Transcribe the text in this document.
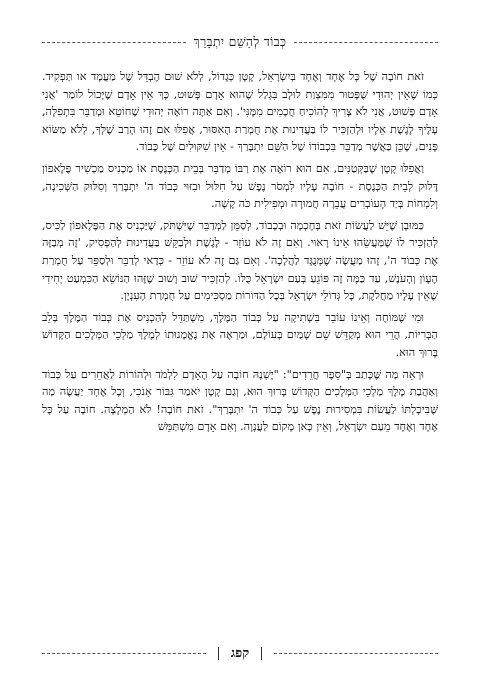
כְּבוֹד לְהַשֵּׁם יִתְבָּרַךְ

זֹאת חוֹבָה שֶׁל כָּל אֶחָד וְאֶחָד בְּיִשְׂרָאֵל, קָטָן כְּגָדוֹל, לְלֹא שׁוּם הֶבְדֵּל שֶׁל מַעֲמָד או תַּפְקִיד. כְּמוֹ שֶׁאֵין יְהוּדִי שֶׁפָּטוּר מִמִּצְוַת לוּלָב בִּגְלַל שֶׁהוּא אָדָם פָּשׁוּט, כָּךְ אֵין אָדָם שֶׁיָּכוֹל לוֹמַר 'אֲנִי אָדָם פָּשׁוּט, אֲנִי לֹא צָרִיךְ לְהוֹכִיחַ חֲכָמִים מִמֶּנִּי'. וְאִם אַתָּה רוֹאֶה יְהוּדִי שֶׁחוֹטֵא וּמְדַבֵּר בִּתְפִלָּה, עָלֶיךָ לָגֶשֶׁת אֵלָיו וּלְהַזְכִּיר לוֹ בַּעֲדִינוּת אֶת חֻמְרַת הָאִסּוּר, אֲפִלּוּ אִם זֶהוּ הָרַב שֶׁלְּךָ, לְלֹא מַשּׂוֹא פָּנִים, שֶׁכֵּן כַּאֲשֶׁר מְדַבֵּר בִּכְבוֹדוֹ שֶׁל הַשֵּׁם יִתְבָּרַךְ - אֵין שִׁקּוּלִים שֶׁל כָּבוֹד.

וַאֲפִלּוּ קָטָן שֶׁבַּקְּטַנִּים, אִם הוּא רוֹאֶה אֶת רַבּוֹ מְדַבֵּר בְּבֵית הַכְּנֶסֶת אוֹ מַכְנִיס מַכְשִׁיר פֶּלֶאפוֹן דָּלוּק לְבֵית הַכְּנֶסֶת - חוֹבָה עָלָיו לִמְסֹר נֶפֶשׁ עַל חִלּוּל וּבִזּוּי כְּבוֹד ה' יִתְבָּרַךְ וְסִלּוּק הַשְּׁכִינָה, וְלִמְחוֹת בְּיַד הָעוֹבְרִים עֲבֵרָה חֲמוּרָה וּמְפִילִית כֹּה קָשָׁה.

כַּמּוּבָן שֶׁיֵּשׁ לַעֲשׂוֹת זֹאת בְּחָכְמָה וּבְכָבוֹד, לְסַמֵּן לַמְדַבֵּר שֶׁיִּשְׁתֹּק, שֶׁיַּכְנִיס אֶת הַפֶּלֶאפוֹן לַכִּיס, לְהַזְכִּיר לוֹ שֶׁמַּעֲשֵׂהוּ אֵינוֹ רָאוּי. וְאִם זֶה לֹא עוֹזֵר - לָגֶשֶׁת וּלְבַקֵּשׁ בַּעֲדִינוּת לְהַפְסִיק, 'זֶה מְבַזֶּה אֶת כְּבוֹד ה', זֶהוּ מַעֲשֶׂה שֶׁמְּנֻגָּד לַהֲלָכָה'. וְאִם גַּם זֶה לֹא עוֹזֵר - כְּדַאי לְדַבֵּר וּלְסַפֵּר עַל חֻמְרַת הֶעָוֹן וְהָעֹנֶשׁ, עַד כַּמָּה זֶה פּוֹגֵעַ בְּעַם יִשְׂרָאֵל כֻּלּוֹ. לְהַזְכִּיר שׁוּב וָשׁוּב שֶׁזֶּהוּ הַנּוֹשֵׂא הַכִּמְעַט יְחִידִי שֶׁאֵין עָלָיו מַחֲלֹקֶת, כָּל גְּדוֹלֵי יִשְׂרָאֵל בְּכָל הַדּוֹרוֹת מַסְכִּימִים עַל חֻמְרַת הָעִנְיָן.

וּמִי שֶׁמּוֹחֶה וְאֵינוֹ עוֹבֵר בִּשְׁתִיקָה עַל כְּבוֹד הַמֶּלֶךְ, מִשְׁתַּדֵּל לְהַכְנִיס אֶת כְּבוֹד הַמֶּלֶךְ בְּלֵב הַבְּרִיּוֹת, הֲרֵי הוּא מְקַדֵּשׁ שֵׁם שָׁמַיִם בָּעוֹלָם, וּמַרְאֶה אֶת נֶאֱמָנוּתוֹ לְמֶלֶךְ מַלְכֵי הַמְּלָכִים הַקָּדוֹשׁ בָּרוּךְ הוּא.

וּרְאֵה מַה שֶּׁכָּתַב בְּ"סֵפֶר חֲרֵדִים": "יֶשְׁנָהּ חוֹבָה עַל הָאָדָם לִלְמֹד וּלְהוֹרוֹת לַאֲחֵרִים עַל כְּבוֹד וְאַהֲבַת מֶלֶךְ מַלְכֵי הַמְּלָכִים הַקָּדוֹשׁ בָּרוּךְ הוּא, וְגַם קָטָן יֹאמַר גִּבּוֹר אָנֹכִי, וְכָל אֶחָד יַעֲשֶׂה מַה שֶּׁבִּיכָלְתּוֹ לַעֲשׂוֹת בִּמְסִירוּת נֶפֶשׁ עַל כְּבוֹד ה' יִתְבָּרַךְ". זֹאת חוֹבָה! לֹא הַמְלָצָה. חוֹבָה עַל כָּל אֶחָד וְאֶחָד מֵעַם יִשְׂרָאֵל, וְאֵין כָּאן מָקוֹם לַעֲנָוָה. וְאִם אָדָם מִשְׁתַּמֵּשׁ

קפג
